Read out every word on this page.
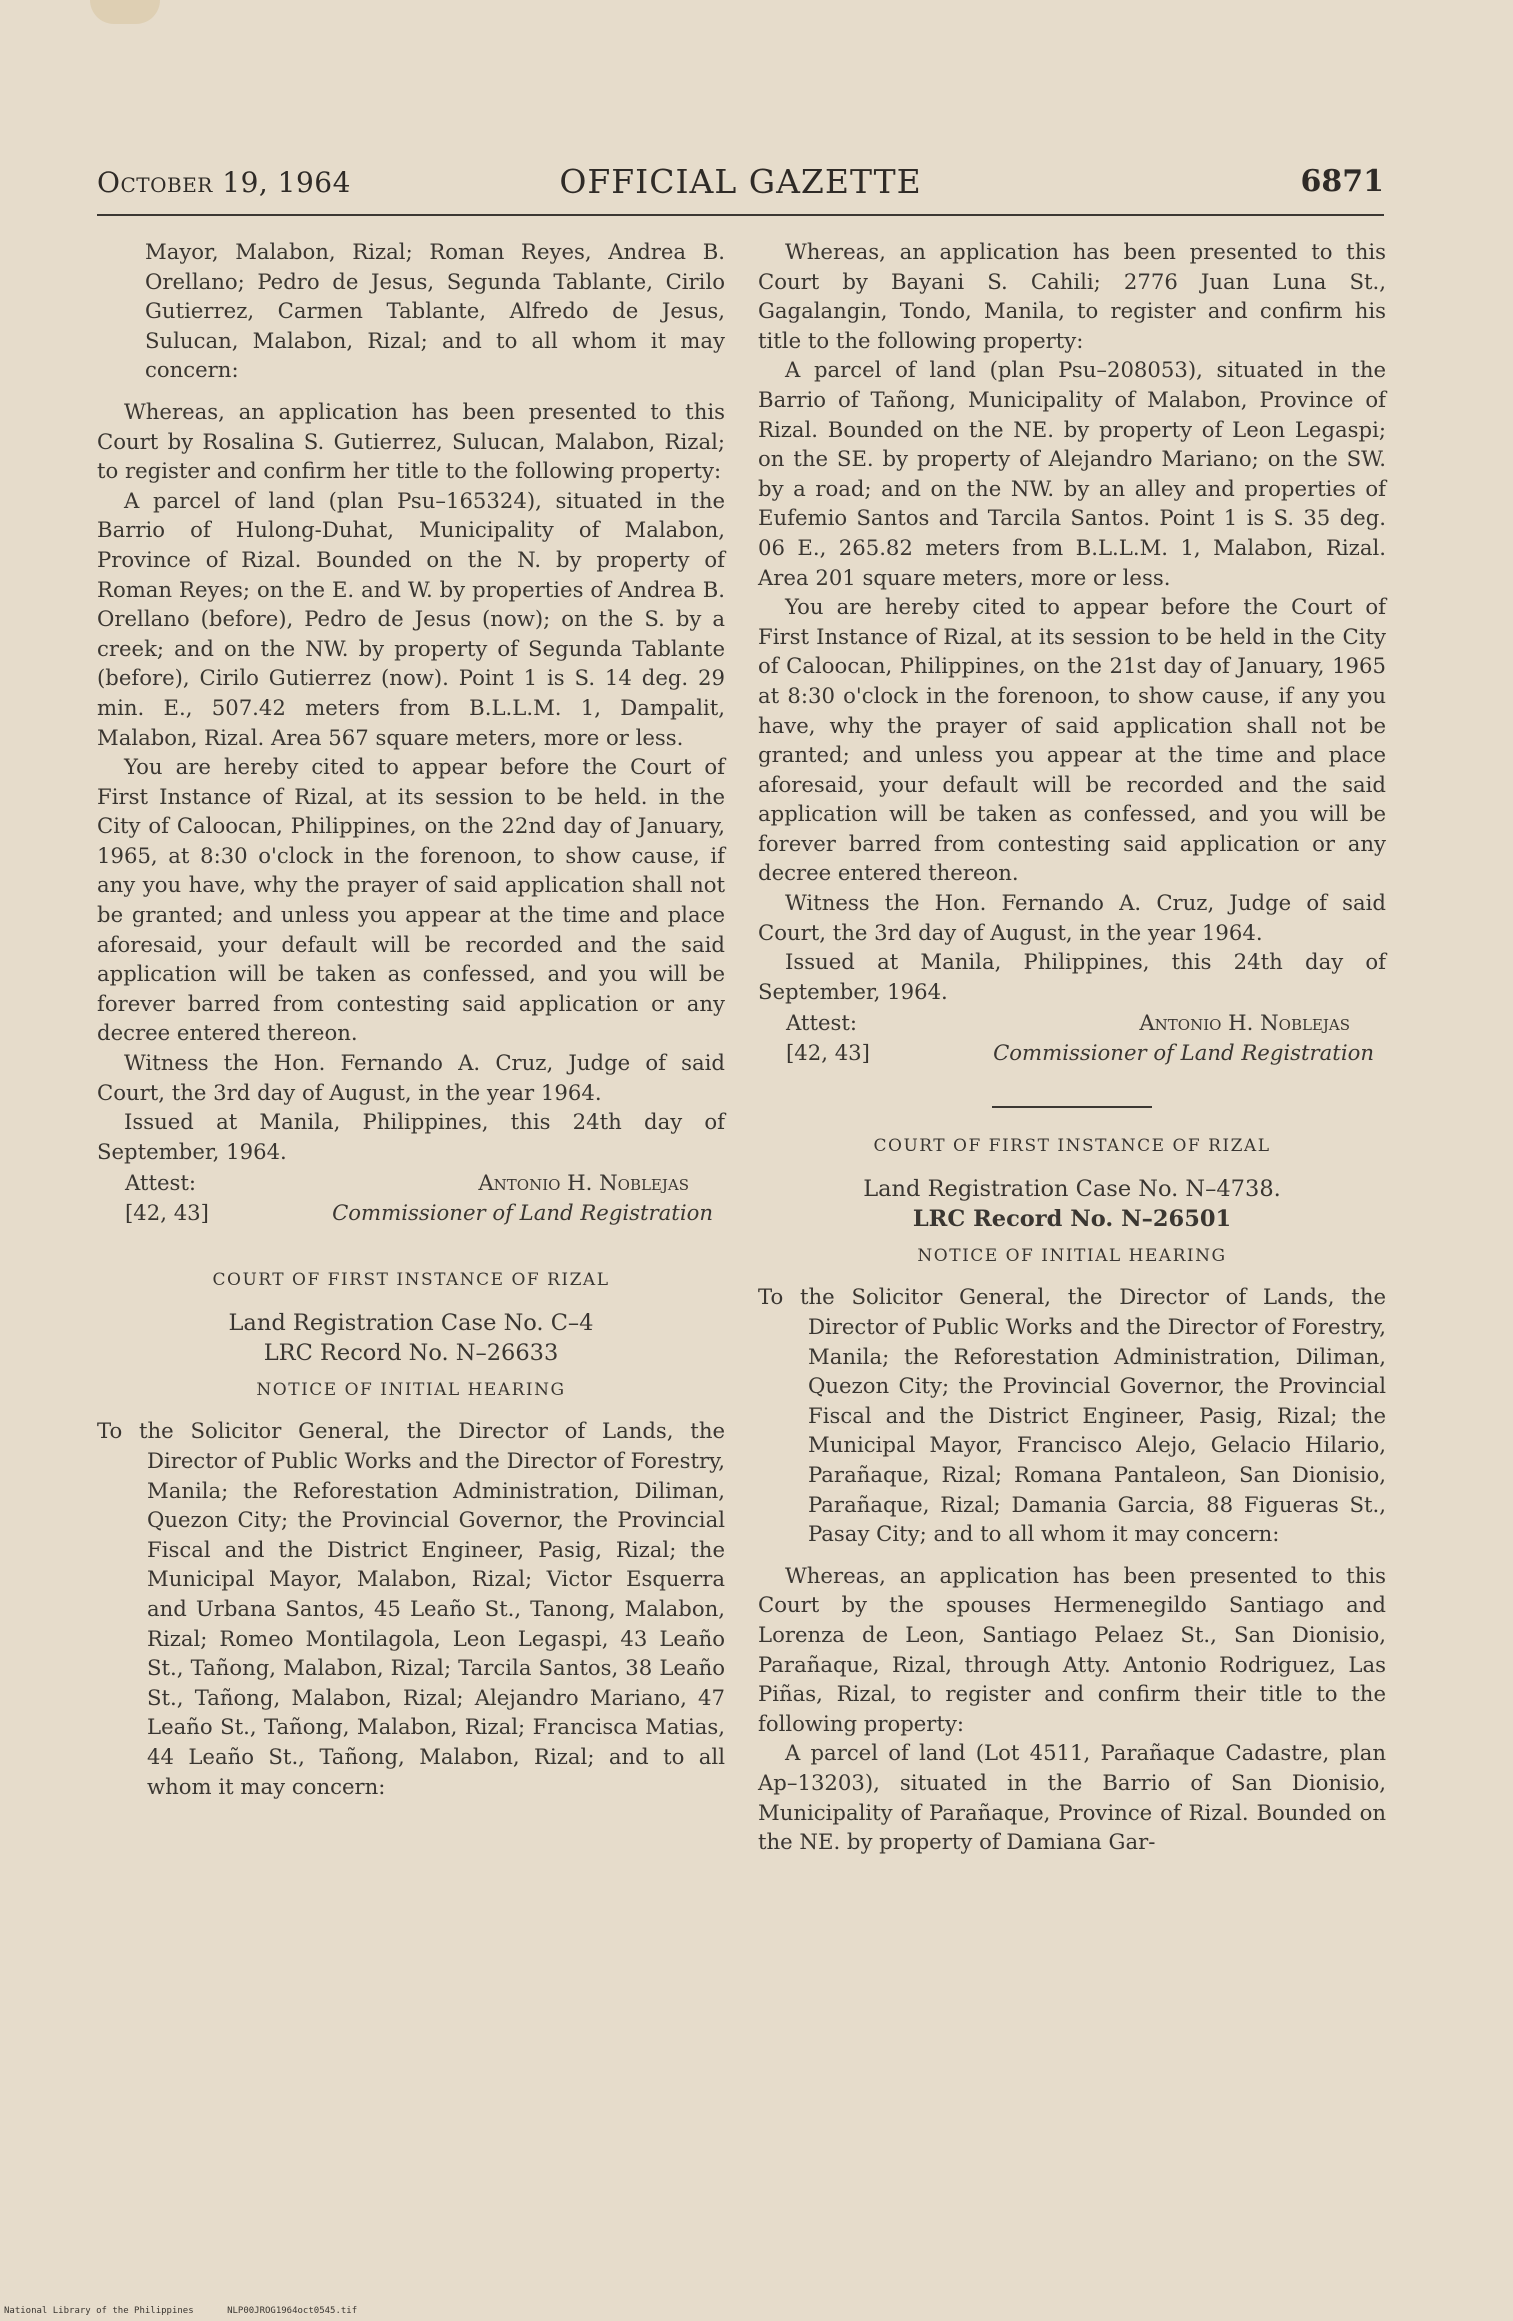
October 19, 1964	OFFICIAL GAZETTE	6871

Mayor, Malabon, Rizal; Roman Reyes, Andrea B. Orellano; Pedro de Jesus, Segunda Tablante, Cirilo Gutierrez, Carmen Tablante, Alfredo de Jesus, Sulucan, Malabon, Rizal; and to all whom it may concern:

Whereas, an application has been presented to this Court by Rosalina S. Gutierrez, Sulucan, Malabon, Rizal; to register and confirm her title to the following property:

A parcel of land (plan Psu–165324), situated in the Barrio of Hulong-Duhat, Municipality of Malabon, Province of Rizal. Bounded on the N. by property of Roman Reyes; on the E. and W. by properties of Andrea B. Orellano (before), Pedro de Jesus (now); on the S. by a creek; and on the NW. by property of Segunda Tablante (before), Cirilo Gutierrez (now). Point 1 is S. 14 deg. 29 min. E., 507.42 meters from B.L.L.M. 1, Dampalit, Malabon, Rizal. Area 567 square meters, more or less.

You are hereby cited to appear before the Court of First Instance of Rizal, at its session to be held. in the City of Caloocan, Philippines, on the 22nd day of January, 1965, at 8:30 o'clock in the forenoon, to show cause, if any you have, why the prayer of said application shall not be granted; and unless you appear at the time and place aforesaid, your default will be recorded and the said application will be taken as confessed, and you will be forever barred from contesting said application or any decree entered thereon.

Witness the Hon. Fernando A. Cruz, Judge of said Court, the 3rd day of August, in the year 1964.

Issued at Manila, Philippines, this 24th day of September, 1964.

Attest:
[42, 43]
Antonio H. Noblejas
Commissioner of Land Registration
COURT OF FIRST INSTANCE OF RIZAL

Land Registration Case No. C–4

LRC Record No. N–26633

NOTICE OF INITIAL HEARING

To the Solicitor General, the Director of Lands, the Director of Public Works and the Director of Forestry, Manila; the Reforestation Administration, Diliman, Quezon City; the Provincial Governor, the Provincial Fiscal and the District Engineer, Pasig, Rizal; the Municipal Mayor, Malabon, Rizal; Victor Esquerra and Urbana Santos, 45 Leaño St., Tanong, Malabon, Rizal; Romeo Montilagola, Leon Legaspi, 43 Leaño St., Tañong, Malabon, Rizal; Tarcila Santos, 38 Leaño St., Tañong, Malabon, Rizal; Alejandro Mariano, 47 Leaño St., Tañong, Malabon, Rizal; Francisca Matias, 44 Leaño St., Tañong, Malabon, Rizal; and to all whom it may concern:

Whereas, an application has been presented to this Court by Bayani S. Cahili; 2776 Juan Luna St., Gagalangin, Tondo, Manila, to register and confirm his title to the following property:

A parcel of land (plan Psu–208053), situated in the Barrio of Tañong, Municipality of Malabon, Province of Rizal. Bounded on the NE. by property of Leon Legaspi; on the SE. by property of Alejandro Mariano; on the SW. by a road; and on the NW. by an alley and properties of Eufemio Santos and Tarcila Santos. Point 1 is S. 35 deg. 06 E., 265.82 meters from B.L.L.M. 1, Malabon, Rizal. Area 201 square meters, more or less.

You are hereby cited to appear before the Court of First Instance of Rizal, at its session to be held in the City of Caloocan, Philippines, on the 21st day of January, 1965 at 8:30 o'clock in the forenoon, to show cause, if any you have, why the prayer of said application shall not be granted; and unless you appear at the time and place aforesaid, your default will be recorded and the said application will be taken as confessed, and you will be forever barred from contesting said application or any decree entered thereon.

Witness the Hon. Fernando A. Cruz, Judge of said Court, the 3rd day of August, in the year 1964.

Issued at Manila, Philippines, this 24th day of September, 1964.

Attest:
[42, 43]
Antonio H. Noblejas
Commissioner of Land Registration
COURT OF FIRST INSTANCE OF RIZAL

Land Registration Case No. N–4738.

LRC Record No. N–26501

NOTICE OF INITIAL HEARING

To the Solicitor General, the Director of Lands, the Director of Public Works and the Director of Forestry, Manila; the Reforestation Administration, Diliman, Quezon City; the Provincial Governor, the Provincial Fiscal and the District Engineer, Pasig, Rizal; the Municipal Mayor, Francisco Alejo, Gelacio Hilario, Parañaque, Rizal; Romana Pantaleon, San Dionisio, Parañaque, Rizal; Damania Garcia, 88 Figueras St., Pasay City; and to all whom it may concern:

Whereas, an application has been presented to this Court by the spouses Hermenegildo Santiago and Lorenza de Leon, Santiago Pelaez St., San Dionisio, Parañaque, Rizal, through Atty. Antonio Rodriguez, Las Piñas, Rizal, to register and confirm their title to the following property:

A parcel of land (Lot 4511, Parañaque Cadastre, plan Ap–13203), situated in the Barrio of San Dionisio, Municipality of Parañaque, Province of Rizal. Bounded on the NE. by property of Damiana Gar-

National Library of the Philippines	NLP00JROG1964oct0545.tif
